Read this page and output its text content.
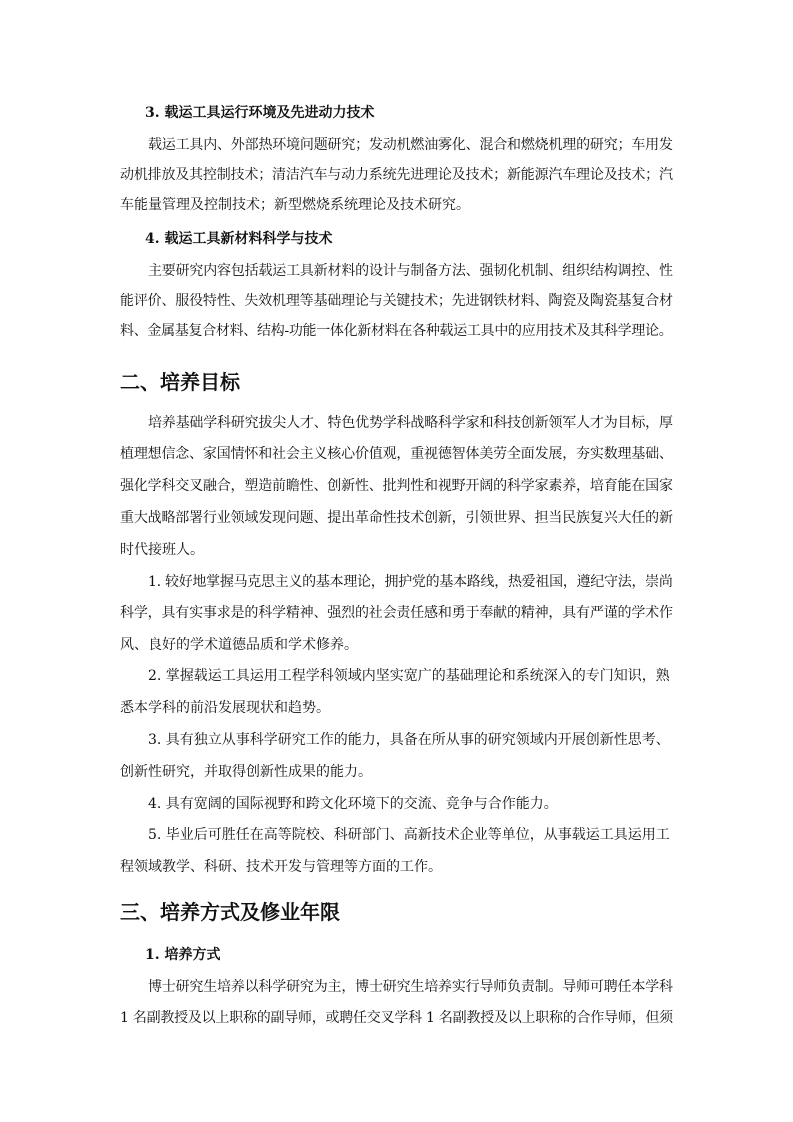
3. 载运工具运行环境及先进动力技术
载运工具内、外部热环境问题研究；发动机燃油雾化、混合和燃烧机理的研究；车用发
动机排放及其控制技术；清洁汽车与动力系统先进理论及技术；新能源汽车理论及技术；汽
车能量管理及控制技术；新型燃烧系统理论及技术研究。
4. 载运工具新材料科学与技术
主要研究内容包括载运工具新材料的设计与制备方法、强韧化机制、组织结构调控、性
能评价、服役特性、失效机理等基础理论与关键技术；先进钢铁材料、陶瓷及陶瓷基复合材
料、金属基复合材料、结构-功能一体化新材料在各种载运工具中的应用技术及其科学理论。
二、培养目标
培养基础学科研究拔尖人才、特色优势学科战略科学家和科技创新领军人才为目标，厚
植理想信念、家国情怀和社会主义核心价值观，重视德智体美劳全面发展，夯实数理基础、
强化学科交叉融合，塑造前瞻性、创新性、批判性和视野开阔的科学家素养，培育能在国家
重大战略部署行业领域发现问题、提出革命性技术创新，引领世界、担当民族复兴大任的新
时代接班人。
1. 较好地掌握马克思主义的基本理论，拥护党的基本路线，热爱祖国，遵纪守法，崇尚
科学，具有实事求是的科学精神、强烈的社会责任感和勇于奉献的精神，具有严谨的学术作
风、良好的学术道德品质和学术修养。
2. 掌握载运工具运用工程学科领域内坚实宽广的基础理论和系统深入的专门知识，熟
悉本学科的前沿发展现状和趋势。
3. 具有独立从事科学研究工作的能力，具备在所从事的研究领域内开展创新性思考、
创新性研究，并取得创新性成果的能力。
4. 具有宽阔的国际视野和跨文化环境下的交流、竞争与合作能力。
5. 毕业后可胜任在高等院校、科研部门、高新技术企业等单位，从事载运工具运用工
程领域教学、科研、技术开发与管理等方面的工作。
三、培养方式及修业年限
1. 培养方式
博士研究生培养以科学研究为主，博士研究生培养实行导师负责制。导师可聘任本学科
1 名副教授及以上职称的副导师，或聘任交叉学科 1 名副教授及以上职称的合作导师，但须
